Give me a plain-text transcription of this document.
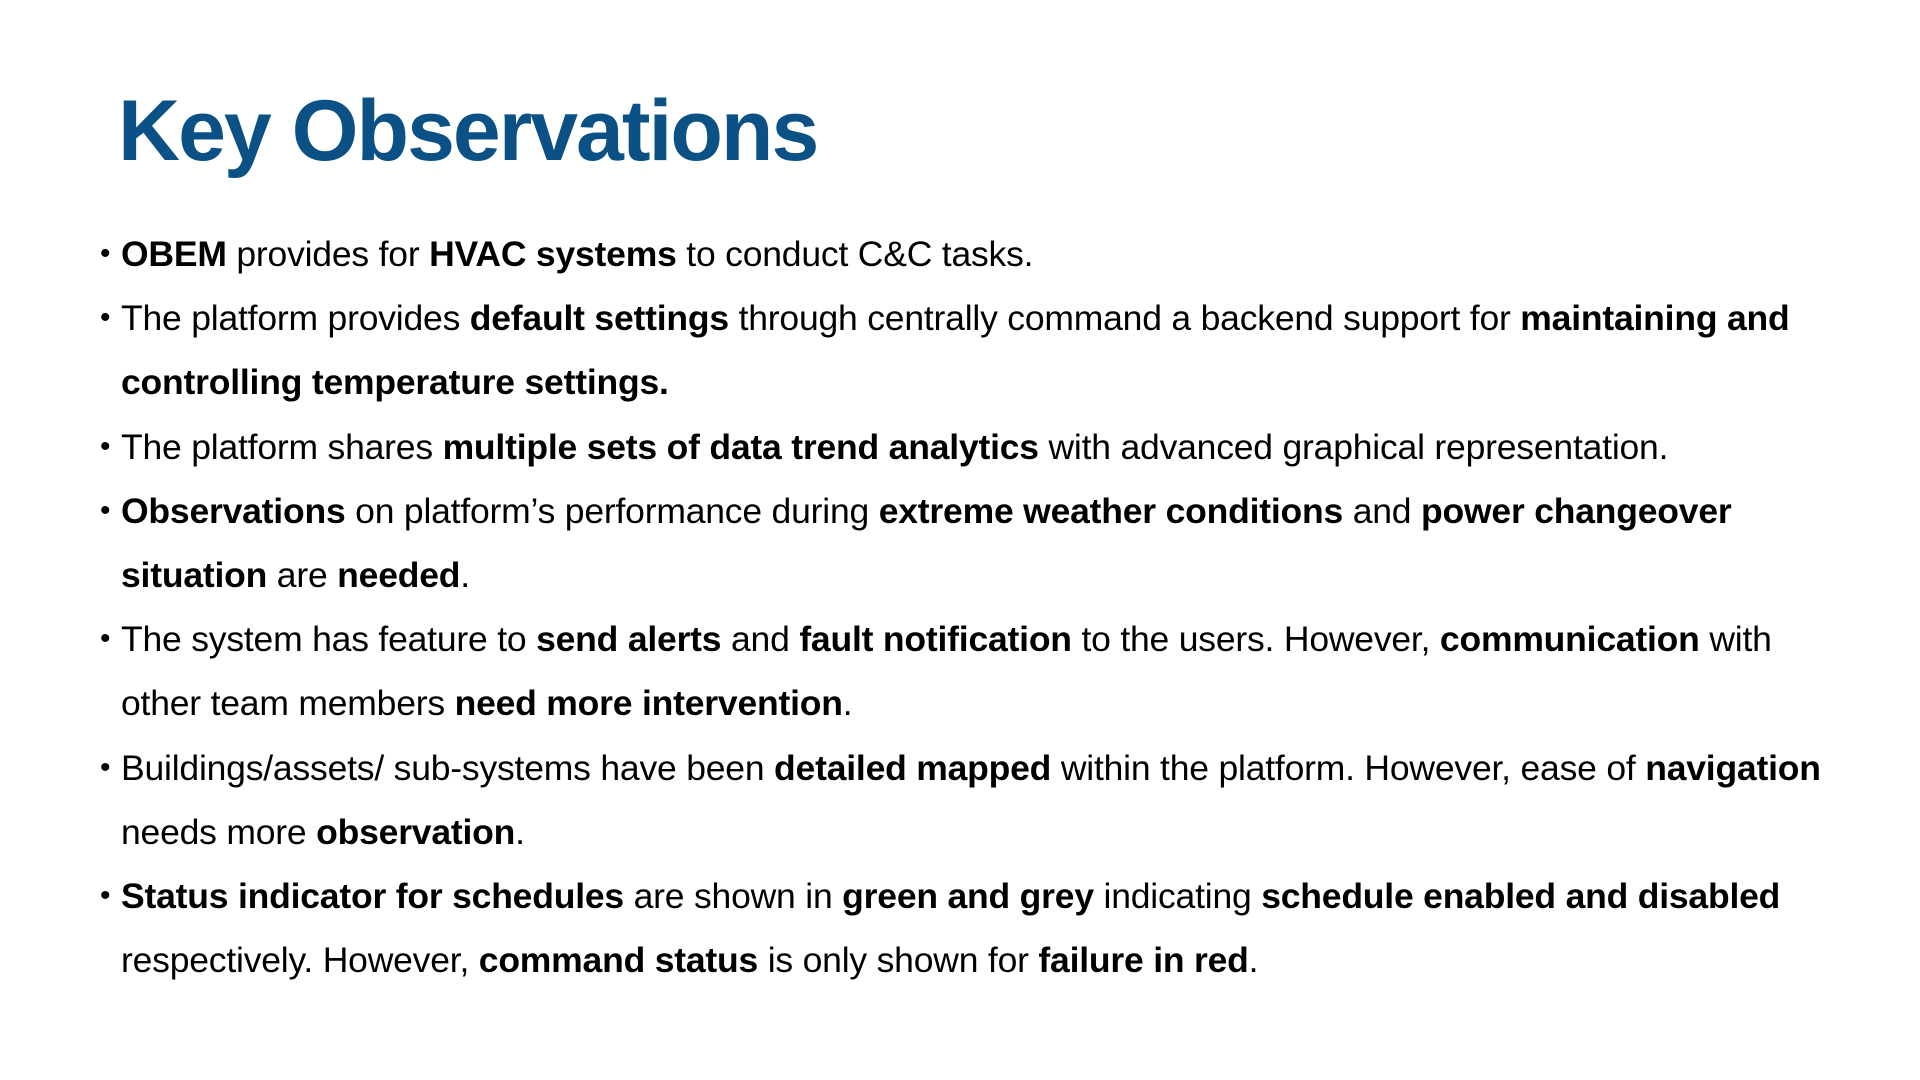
Key Observations
• OBEM provides for HVAC systems to conduct C&C tasks.
• The platform provides default settings through centrally command a backend support for maintaining and controlling temperature settings.
• The platform shares multiple sets of data trend analytics with advanced graphical representation.
• Observations on platform’s performance during extreme weather conditions and power changeover situation are needed.
• The system has feature to send alerts and fault notification to the users. However, communication with other team members need more intervention.
• Buildings/assets/ sub-systems have been detailed mapped within the platform. However, ease of navigation needs more observation.
• Status indicator for schedules are shown in green and grey indicating schedule enabled and disabled respectively. However, command status is only shown for failure in red.
